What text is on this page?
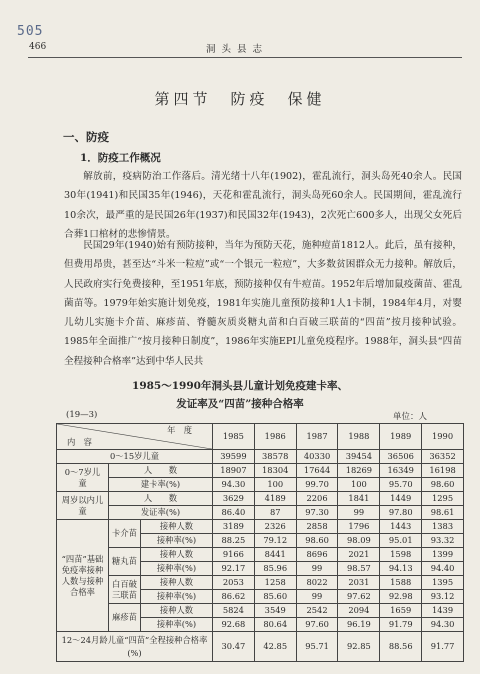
505
466	洞头县志
第四节　防疫　保健
一、防疫
1．防疫工作概况

解放前，疫病防治工作落后。清光绪十八年(1902)，霍乱流行，洞头岛死40余人。民国30年(1941)和民国35年(1946)，天花和霍乱流行，洞头岛死60余人。民国期间，霍乱流行10余次，最严重的是民国26年(1937)和民国32年(1943)，2次死亡600多人，出现父女死后合葬1口棺材的悲惨情景。

民国29年(1940)始有预防接种，当年为预防天花，施种痘苗1812人。此后，虽有接种，但费用昂贵，甚至达“斗米一粒痘”或“一个银元一粒痘”，大多数贫困群众无力接种。解放后，人民政府实行免费接种，至1951年底，预防接种仅有牛痘苗。1952年后增加鼠疫菌苗、霍乱菌苗等。1979年始实施计划免疫，1981年实施儿童预防接种1人1卡制，1984年4月，对婴儿幼儿实施卡介苗、麻疹苗、脊髓灰质炎糖丸苗和白百破三联苗的“四苗”按月接种试验。1985年全面推广“按月接种日制度”，1986年实施EPI儿童免疫程序。1988年，洞头县“四苗全程接种合格率”达到中华人民共

1985～1990年洞头县儿童计划免疫建卡率、
发证率及“四苗”接种合格率
(19—3)	单位：人
年　度
内　容			1985	1986	1987	1988	1989	1990
0～15岁儿童			39599	38578	40330	39454	36506	36352
0～7岁儿　童	人　　数		18907	18304	17644	18269	16349	16198
	建卡率(%)		94.30	100	99.70	100	95.70	98.60
周岁以内儿　童	人　　数		3629	4189	2206	1841	1449	1295
	发证率(%)		86.40	87	97.30	99	97.80	98.61
“四苗”基础免疫率接种人数与接种合格率	卡介苗	接种人数	3189	2326	2858	1796	1443	1383
		接种率(%)	88.25	79.12	98.60	98.09	95.01	93.32
	糖丸苗	接种人数	9166	8441	8696	2021	1598	1399
		接种率(%)	92.17	85.96	99	98.57	94.13	94.40
	白百破三联苗	接种人数	2053	1258	8022	2031	1588	1395
		接种率(%)	86.62	85.60	99	97.62	92.98	93.12
	麻疹苗	接种人数	5824	3549	2542	2094	1659	1439
		接种率(%)	92.68	80.64	97.60	96.19	91.79	94.30
12～24月龄儿童“四苗”全程接种合格率(%)			30.47	42.85	95.71	92.85	88.56	91.77
